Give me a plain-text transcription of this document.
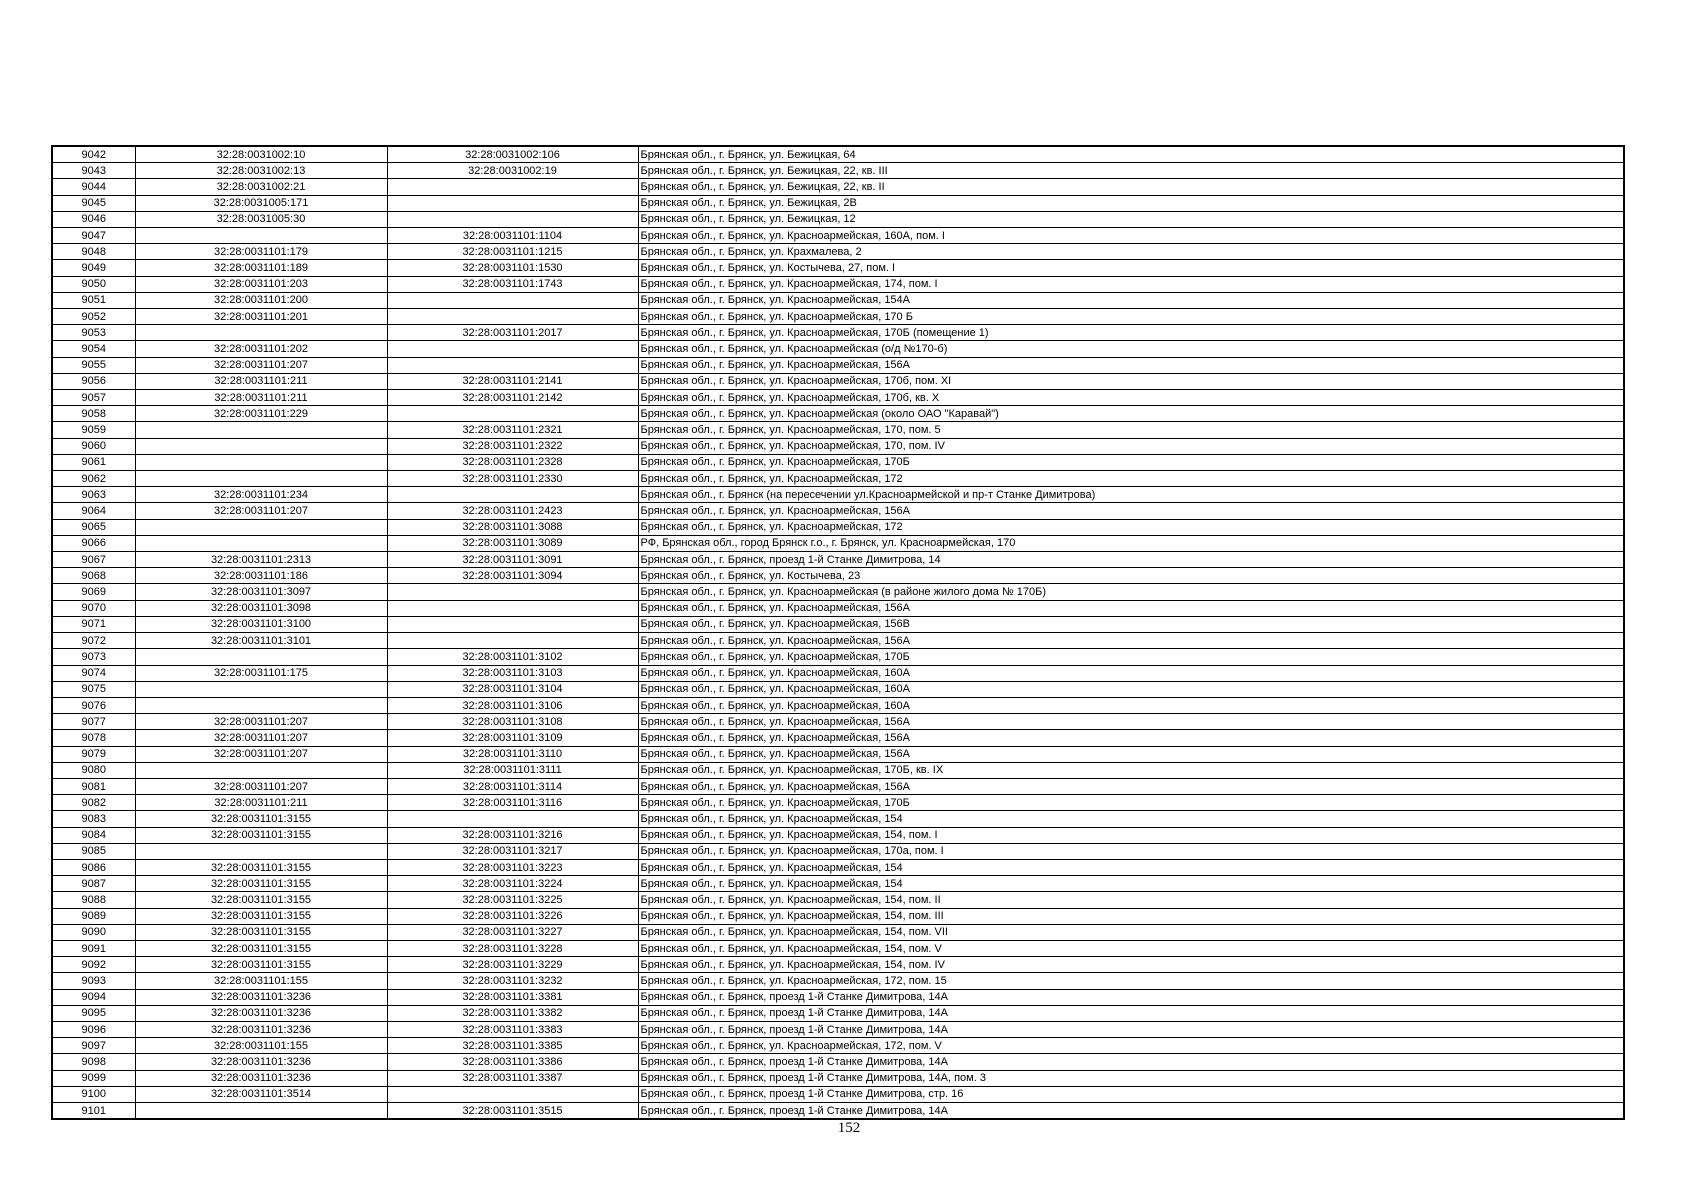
9042	32:28:0031002:10	32:28:0031002:106	Брянская обл., г. Брянск, ул. Бежицкая, 64
9043	32:28:0031002:13	32:28:0031002:19	Брянская обл., г. Брянск, ул. Бежицкая, 22, кв. III
9044	32:28:0031002:21		Брянская обл., г. Брянск, ул. Бежицкая, 22, кв. II
9045	32:28:0031005:171		Брянская обл., г. Брянск, ул. Бежицкая, 2В
9046	32:28:0031005:30		Брянская обл., г. Брянск, ул. Бежицкая, 12
9047		32:28:0031101:1104	Брянская обл., г. Брянск, ул. Красноармейская, 160А, пом. I
9048	32:28:0031101:179	32:28:0031101:1215	Брянская обл., г. Брянск, ул. Крахмалева, 2
9049	32:28:0031101:189	32:28:0031101:1530	Брянская обл., г. Брянск, ул. Костычева, 27, пом. I
9050	32:28:0031101:203	32:28:0031101:1743	Брянская обл., г. Брянск, ул. Красноармейская, 174, пом. I
9051	32:28:0031101:200		Брянская обл., г. Брянск, ул. Красноармейская, 154А
9052	32:28:0031101:201		Брянская обл., г. Брянск, ул. Красноармейская, 170 Б
9053		32:28:0031101:2017	Брянская обл., г. Брянск, ул. Красноармейская, 170Б (помещение 1)
9054	32:28:0031101:202		Брянская обл., г. Брянск, ул. Красноармейская (о/д №170-б)
9055	32:28:0031101:207		Брянская обл., г. Брянск, ул. Красноармейская, 156А
9056	32:28:0031101:211	32:28:0031101:2141	Брянская обл., г. Брянск, ул. Красноармейская, 170б, пом. XI
9057	32:28:0031101:211	32:28:0031101:2142	Брянская обл., г. Брянск, ул. Красноармейская, 170б, кв. X
9058	32:28:0031101:229		Брянская обл., г. Брянск, ул. Красноармейская (около ОАО "Каравай")
9059		32:28:0031101:2321	Брянская обл., г. Брянск, ул. Красноармейская, 170, пом. 5
9060		32:28:0031101:2322	Брянская обл., г. Брянск, ул. Красноармейская, 170, пом. IV
9061		32:28:0031101:2328	Брянская обл., г. Брянск, ул. Красноармейская, 170Б
9062		32:28:0031101:2330	Брянская обл., г. Брянск, ул. Красноармейская, 172
9063	32:28:0031101:234		Брянская обл., г. Брянск (на пересечении ул.Красноармейской и пр-т Станке Димитрова)
9064	32:28:0031101:207	32:28:0031101:2423	Брянская обл., г. Брянск, ул. Красноармейская, 156А
9065		32:28:0031101:3088	Брянская обл., г. Брянск, ул. Красноармейская, 172
9066		32:28:0031101:3089	РФ, Брянская обл., город Брянск г.о., г. Брянск, ул. Красноармейская, 170
9067	32:28:0031101:2313	32:28:0031101:3091	Брянская обл., г. Брянск, проезд 1-й Станке Димитрова, 14
9068	32:28:0031101:186	32:28:0031101:3094	Брянская обл., г. Брянск, ул. Костычева, 23
9069	32:28:0031101:3097		Брянская обл., г. Брянск, ул. Красноармейская (в районе жилого дома № 170Б)
9070	32:28:0031101:3098		Брянская обл., г. Брянск, ул. Красноармейская, 156А
9071	32:28:0031101:3100		Брянская обл., г. Брянск, ул. Красноармейская, 156В
9072	32:28:0031101:3101		Брянская обл., г. Брянск, ул. Красноармейская, 156А
9073		32:28:0031101:3102	Брянская обл., г. Брянск, ул. Красноармейская, 170Б
9074	32:28:0031101:175	32:28:0031101:3103	Брянская обл., г. Брянск, ул. Красноармейская, 160А
9075		32:28:0031101:3104	Брянская обл., г. Брянск, ул. Красноармейская, 160А
9076		32:28:0031101:3106	Брянская обл., г. Брянск, ул. Красноармейская, 160А
9077	32:28:0031101:207	32:28:0031101:3108	Брянская обл., г. Брянск, ул. Красноармейская, 156А
9078	32:28:0031101:207	32:28:0031101:3109	Брянская обл., г. Брянск, ул. Красноармейская, 156А
9079	32:28:0031101:207	32:28:0031101:3110	Брянская обл., г. Брянск, ул. Красноармейская, 156А
9080		32:28:0031101:3111	Брянская обл., г. Брянск, ул. Красноармейская, 170Б, кв. IX
9081	32:28:0031101:207	32:28:0031101:3114	Брянская обл., г. Брянск, ул. Красноармейская, 156А
9082	32:28:0031101:211	32:28:0031101:3116	Брянская обл., г. Брянск, ул. Красноармейская, 170Б
9083	32:28:0031101:3155		Брянская обл., г. Брянск, ул. Красноармейская, 154
9084	32:28:0031101:3155	32:28:0031101:3216	Брянская обл., г. Брянск, ул. Красноармейская, 154, пом. I
9085		32:28:0031101:3217	Брянская обл., г. Брянск, ул. Красноармейская, 170а, пом. I
9086	32:28:0031101:3155	32:28:0031101:3223	Брянская обл., г. Брянск, ул. Красноармейская, 154
9087	32:28:0031101:3155	32:28:0031101:3224	Брянская обл., г. Брянск, ул. Красноармейская, 154
9088	32:28:0031101:3155	32:28:0031101:3225	Брянская обл., г. Брянск, ул. Красноармейская, 154, пом. II
9089	32:28:0031101:3155	32:28:0031101:3226	Брянская обл., г. Брянск, ул. Красноармейская, 154, пом. III
9090	32:28:0031101:3155	32:28:0031101:3227	Брянская обл., г. Брянск, ул. Красноармейская, 154, пом. VII
9091	32:28:0031101:3155	32:28:0031101:3228	Брянская обл., г. Брянск, ул. Красноармейская, 154, пом. V
9092	32:28:0031101:3155	32:28:0031101:3229	Брянская обл., г. Брянск, ул. Красноармейская, 154, пом. IV
9093	32:28:0031101:155	32:28:0031101:3232	Брянская обл., г. Брянск, ул. Красноармейская, 172, пом. 15
9094	32:28:0031101:3236	32:28:0031101:3381	Брянская обл., г. Брянск, проезд 1-й Станке Димитрова, 14А
9095	32:28:0031101:3236	32:28:0031101:3382	Брянская обл., г. Брянск, проезд 1-й Станке Димитрова, 14А
9096	32:28:0031101:3236	32:28:0031101:3383	Брянская обл., г. Брянск, проезд 1-й Станке Димитрова, 14А
9097	32:28:0031101:155	32:28:0031101:3385	Брянская обл., г. Брянск, ул. Красноармейская, 172, пом. V
9098	32:28:0031101:3236	32:28:0031101:3386	Брянская обл., г. Брянск, проезд 1-й Станке Димитрова, 14А
9099	32:28:0031101:3236	32:28:0031101:3387	Брянская обл., г. Брянск, проезд 1-й Станке Димитрова, 14А, пом. 3
9100	32:28:0031101:3514		Брянская обл., г. Брянск, проезд 1-й Станке Димитрова, стр. 16
9101		32:28:0031101:3515	Брянская обл., г. Брянск, проезд 1-й Станке Димитрова, 14А
152
